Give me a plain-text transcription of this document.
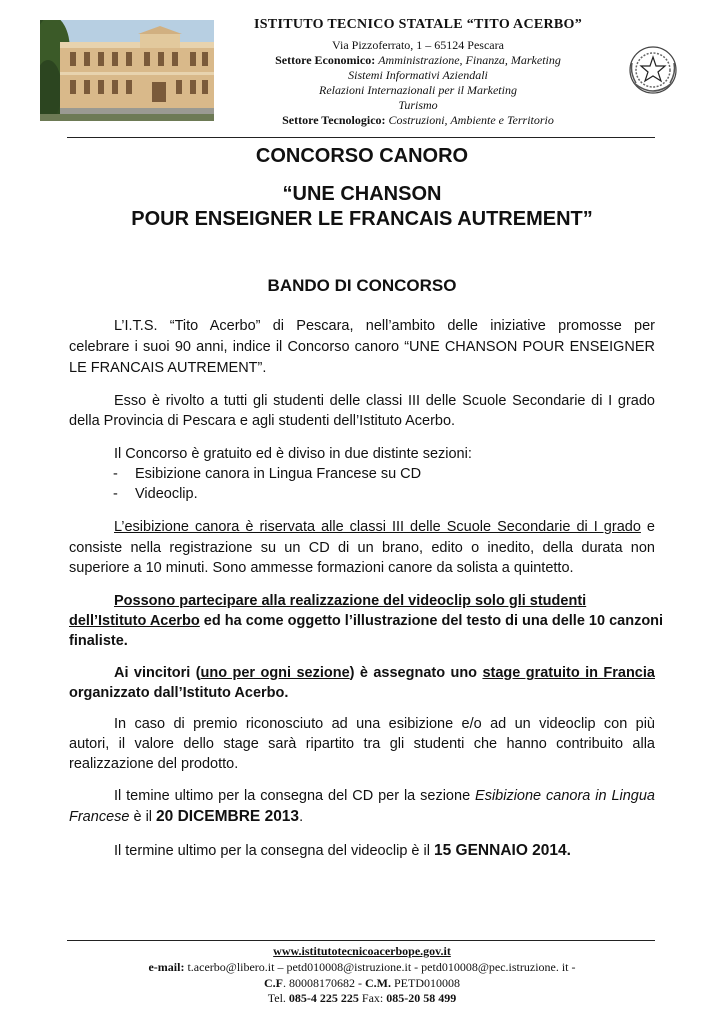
ISTITUTO TECNICO STATALE “TITO ACERBO”
Via Pizzoferrato, 1 – 65124 Pescara
Settore Economico: Amministrazione, Finanza, Marketing
Sistemi Informativi Aziendali
Relazioni Internazionali per il Marketing
Turismo
Settore Tecnologico: Costruzioni, Ambiente e Territorio
CONCORSO CANORO
“UNE CHANSON
POUR ENSEIGNER LE FRANCAIS AUTREMENT”
BANDO DI CONCORSO
L’I.T.S. “Tito Acerbo” di Pescara, nell’ambito delle iniziative promosse per
celebrare i suoi 90 anni, indice il Concorso canoro “UNE CHANSON POUR ENSEIGNER
LE FRANCAIS AUTREMENT”.
Esso è rivolto a tutti gli studenti delle classi III delle Scuole Secondarie di I grado
della Provincia di Pescara e agli studenti dell’Istituto Acerbo.
Il Concorso è gratuito ed è diviso in due distinte sezioni:
- Esibizione canora in Lingua Francese su CD
- Videoclip.
L’esibizione canora è riservata alle classi III delle Scuole Secondarie di I grado e
consiste nella registrazione su un CD di un brano, edito o inedito, della durata non
superiore a 10 minuti. Sono ammesse formazioni canore da solista a quintetto.
Possono partecipare alla realizzazione del videoclip solo gli studenti
dell’Istituto Acerbo ed ha come oggetto l’illustrazione del testo di una delle 10 canzoni
finaliste.
Ai vincitori (uno per ogni sezione) è assegnato uno stage gratuito in Francia
organizzato dall’Istituto Acerbo.
In caso di premio riconosciuto ad una esibizione e/o ad un videoclip con più
autori, il valore dello stage sarà ripartito tra gli studenti che hanno contribuito alla
realizzazione del prodotto.
Il temine ultimo per la consegna del CD per la sezione Esibizione canora in Lingua
Francese è il 20 DICEMBRE 2013.
Il termine ultimo per la consegna del videoclip è il 15 GENNAIO 2014.
www.istitutotecnicoacerbope.gov.it
e-mail: t.acerbo@libero.it – petd010008@istruzione.it - petd010008@pec.istruzione. it -
C.F. 80008170682 - C.M. PETD010008
Tel. 085-4 225 225 Fax: 085-20 58 499
